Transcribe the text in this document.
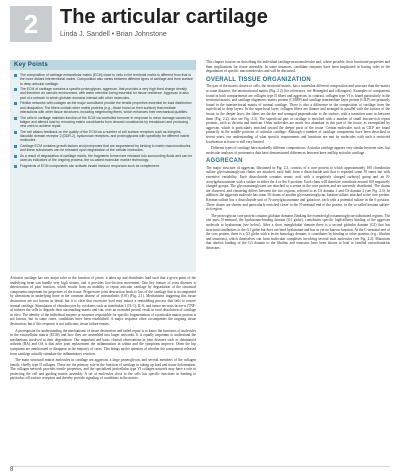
2	The articular cartilage
Linda J. Sandell • Brian Johnstone
Key Points
The composition of cartilage extracellular matrix (ECM) close to cells in the territorial matrix is different from that in the more distant interterritorial matrix. Composition also varies between different types of cartilage and from surface to deep articular cartilage.
The ECM of cartilage contains a specific proteoglycan, aggrecan, that provides a very high fixed charge density and therefore an osmotic environment, with water retention being essential for tissue resilience. Aggrecan is also part of a network in which globular domains interact with other molecules.
Fibrillar networks with collagen as the major constituent provide the tensile properties essential for load distribution and dissipation. The fibers contain other matrix proteins (e.g., those found on their surface) that mediate interactions with other tissue structures, including neighboring fibers, which enhances their mechanical qualities.
The cells in cartilage maintain function of the ECM via controlled turnover in response to minor damage caused by fatigue and altered load by removing matrix constituents from cleaved constituents by breakdown and producing new ones to achieve repair.
The cell attains feedback on the quality of the ECM via a number of cell surface receptors such as integrins, discoidin domain receptor 2 (DDR-2), hyaluronan receptors, and proteoglycans with specificity for different matrix molecules.
Cartilage ECM contains growth factors and proinprotes that are sequestered by binding to matrix macromolecules, and these substances can be released upon degradation of the cellular molecules.
As a result of degradation of cartilage matrix, the fragments formed are released into surrounding fluids and can be used as indicators of the ongoing process, the so-called molecular marker technology.
Fragments of ECM components can activate innate immune responses such as complement.

Articular cartilage has two major roles in the function of joints: it takes up and distributes load such that a given point of the underlying bone can handle very high strains, and it provides low-friction movement. One key feature of joint diseases is deterioration of joint function, which results from an inability to repair articular cartilage by degradation of the structural components important for properties of the tissue. Progressive joint destruction leads to loss of the cartilage that is accompanied by alterations in underlying bone in the common disease of osteoarthritis (OA) (Fig. 2.1). Mechanisms triggering this tissue destruction are not known in detail, but it is clear that excessive load may induce a remodeling process that fails to restore normal cartilage. Stimulation of chondrocytes by cytokines such as interleukin 1 (IL-1), IL-6, and tumor necrosis factor-α (TNF-α) induces the cells to degrade their surrounding matrix and can, over an extended period, result in total dissolution of cartilage in vitro. The identity of the individual enzyme or enzymes responsible for specific fragmentation of a particular matrix protein is not known, but in some cases, candidates have been established. A major response often accompanies the ongoing tissue destruction, but if this response is not sufficient, tissue failure ensues.

A prerequisite for understanding the mechanisms of tissue destruction and failed repair is to know the functions of molecules in the extracellular matrix (ECM) and how they are assembled into larger networks. It is equally important to understand the mechanisms involved in their degradation. Our important and basic clinical observations in joint diseases such as rheumatoid arthritis (RA) and OA is that after joint replacement the inflammation in within and the symptoms improve. Often the hip symptoms are ameliorated or disappear in the majority of cases. This brings up the question of whether the components released from cartilage actually stimulate the inflammatory reaction.

The main structural matrix molecules in cartilage are aggrecan, a large proteoglycan, and several members of the collagen family, chiefly type II collagen. These are the primary role in the function of cartilage in taking up load and tissue deformation. The collagen network provides tensile properties, and the specialized pericellular type VI collagen network may have a role in protecting the cell and guiding matrix assembly. A set of molecules close to the cells has specific functions in binding to particular cell surface receptors and thereby provide signaling of conditions in the matrix.

This chapter focuses on describing the individual cartilage macromolecules and, where possible, their functional properties and their implications for tissue assembly. In some instances, candidate enzymes have been implicated in having roles in the degradation of specific macromolecules and will be discussed.

OVERALL TISSUE ORGANIZATION

The part of the matrix closest to cells, the territorial matrix, has a somewhat different composition and structure than the matrix at some distance, the interterritorial matrix (Fig. 2.2) (for references, see Heinegård and colleagues). Examples of components found in both compartments are collagen type II fibers and aggrecan; in contrast, collagen type VI is found particularly in the territorial matrix, and cartilage oligomeric matrix protein (COMP) and cartilage intermediate layer protein (CILP) are primarily found in the interterritorial matrix of normal cartilage. There is also a difference in the composition of cartilage from the superficial to deep layers. In the superficial layer, collagen fibers are thinner and arranged in parallel with the surface of the tissue; in the deeper layer, the fibers are thicker and arranged perpendicular to the surface, with a transition zone in between them (Fig. 2.2), also see Fig. 2.3). The superficial part of cartilage is enriched with a number of small leucine-rich repeat proteins, such as decorin and lumican. Other molecules are much less abundant in this part of the tissue, as exemplified by aggrecan, which is particularly enriched toward the deeper parts of the tissue. Certain molecules such as CILP are found primarily in the middle portions of articular cartilage. Although a number of cartilage components have been described in recent years, our understanding of what specific requirements and functions are met by molecules with such a restricted localization in tissue is still very limited.

Different types of cartilage have markedly different compositions. Articular cartilage appears very similar between sites, but molecular analyses of proteomics data have demonstrated differences between knee and hip articular cartilage.

AGGRECAN

The major structure of aggrecan, illustrated in Fig. 2.3, consists of a core protein to which approximately 100 chondroitin sulfate glycosaminoglycan chains are attached, each built from a disaccharide unit that is repeated some 50 times but with extensive variability. Each disaccharide contains uronic acid with a negatively charged carboxyl group and an N-acetylgalactosamine with a sulfate in either the 4 or the 6 position. Each chain will therefore contribute around 100 negatively charged groups. The glycosaminoglycans are attached to a serine in the core protein and are unevenly distributed. The chains are clustered, and clustering differs between the two regions, referred to as CS domain 1 and CS domain 2 (see Fig. 2.3). In addition, the aggrecan molecule has some 30 chains of another glycosaminoglycan, keratan sulfate, attached to the core protein. Keratan sulfate has a disaccharide unit of N-acetylglucosamine and galactose, each with a potential sulfate in the 6 position. These chains are shorter and particularly enriched closer to the N-terminal end of the protein, in the so-called keratan sulfate-rich region.

The proteoglycan core protein contains globular domains flanking the extended glycosaminoglycan-substituted regions. The one most N-terminal, the hyaluronan-binding domain (G1 globe), contributes specific high-affinity binding of the aggrecan molecule to hyaluronan (see below). After a short interglobular domain there is a second globular domain (G2) that has structural similarities to the G1 globe but does not bind hyaluronan and has as yet no known function. At the C-terminal end of the core protein, there is a G3 globe with a lectin homology domain; it contributes by binding to other proteins (e.g., fibulins and tenascins), which themselves can form molecular complexes involving several such molecules (see Fig. 2.2). Mutations that abolish binding of the G3 domain to the fibulins and tenascins have been shown to lead to familial osteochondritis dissecans.

8
